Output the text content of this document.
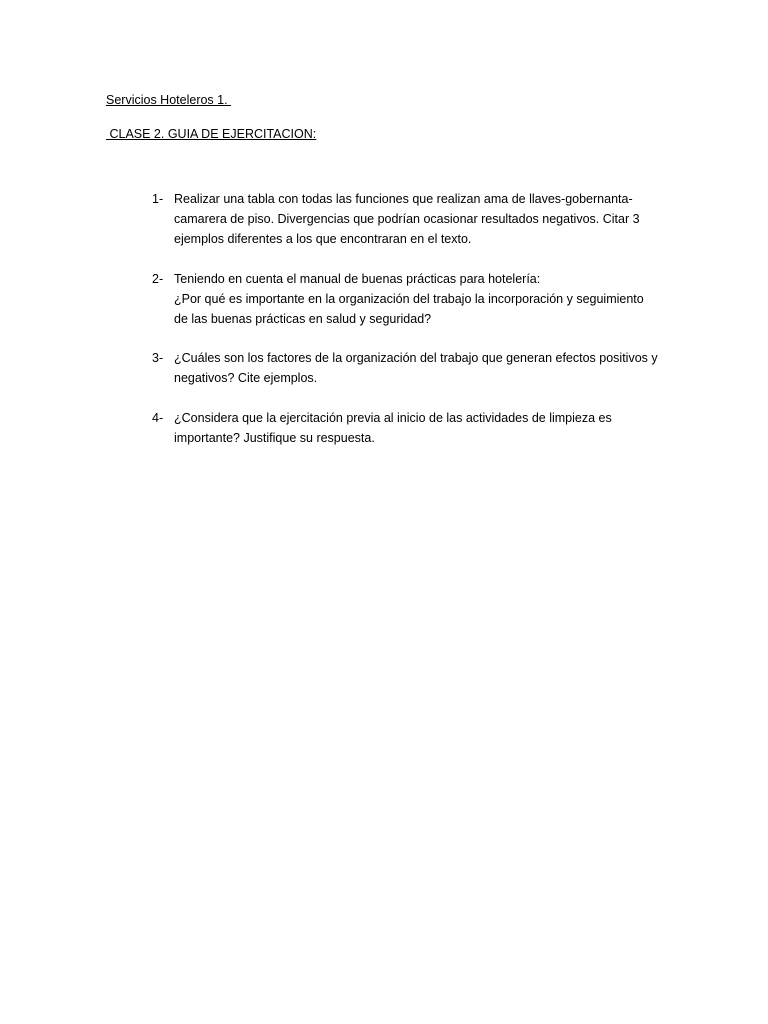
Servicios Hoteleros 1.

CLASE 2. GUIA DE EJERCITACION:

1- Realizar una tabla con todas las funciones que realizan ama de llaves-gobernanta-
camarera de piso. Divergencias que podrían ocasionar resultados negativos. Citar 3
ejemplos diferentes a los que encontraran en el texto.
2- Teniendo en cuenta el manual de buenas prácticas para hotelería:
¿Por qué es importante en la organización del trabajo la incorporación y seguimiento
de las buenas prácticas en salud y seguridad?
3- ¿Cuáles son los factores de la organización del trabajo que generan efectos positivos y
negativos? Cite ejemplos.
4- ¿Considera que la ejercitación previa al inicio de las actividades de limpieza es
importante? Justifique su respuesta.
